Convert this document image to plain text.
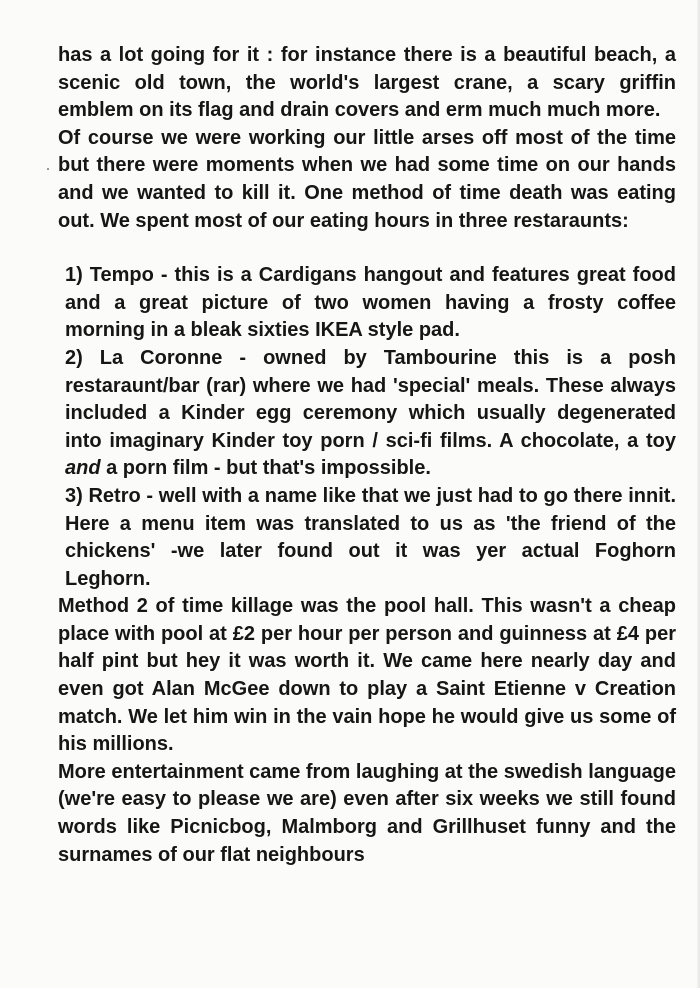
has a lot going for it : for instance there is a beautiful beach, a scenic old town, the world's largest crane, a scary griffin emblem on its flag and drain covers and erm much much more.

Of course we were working our little arses off most of the time but there were moments when we had some time on our hands and we wanted to kill it. One method of time death was eating out. We spent most of our eating hours in three restaraunts:

1) Tempo - this is a Cardigans hangout and features great food and a great picture of two women having a frosty coffee morning in a bleak sixties IKEA style pad.

2) La Coronne - owned by Tambourine this is a posh restaraunt/bar (rar) where we had 'special' meals. These always included a Kinder egg ceremony which usually degenerated into imaginary Kinder toy porn / sci-fi films. A chocolate, a toy and a porn film - but that's impossible.

3) Retro - well with a name like that we just had to go there innit. Here a menu item was translated to us as 'the friend of the chickens' -we later found out it was yer actual Foghorn Leghorn.

Method 2 of time killage was the pool hall. This wasn't a cheap place with pool at £2 per hour per person and guinness at £4 per half pint but hey it was worth it. We came here nearly day and even got Alan McGee down to play a Saint Etienne v Creation match. We let him win in the vain hope he would give us some of his millions.

More entertainment came from laughing at the swedish language (we're easy to please we are) even after six weeks we still found words like Picnicbog, Malmborg and Grillhuset funny and the surnames of our flat neighbours
